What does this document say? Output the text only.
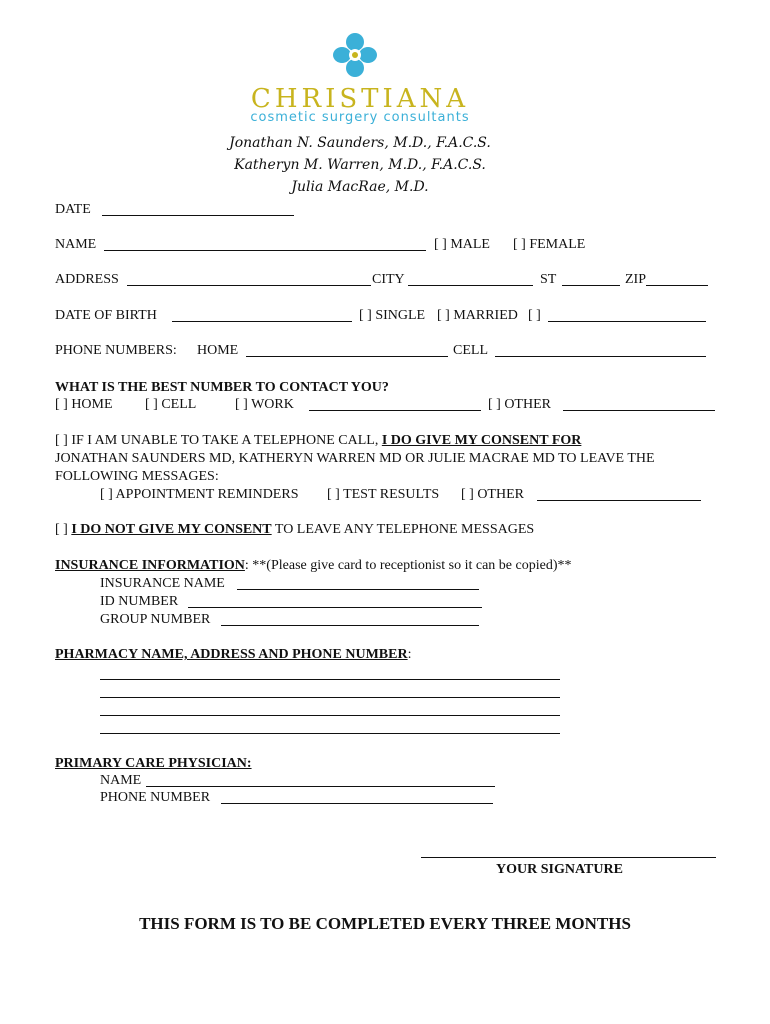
CHRISTIANA
cosmetic surgery consultants
Jonathan N. Saunders, M.D., F.A.C.S.
Katheryn M. Warren, M.D., F.A.C.S.
Julia MacRae, M.D.
DATE
NAME	[ ] MALE [ ] FEMALE
ADDRESS	CITY	ST	ZIP
DATE OF BIRTH	[ ] SINGLE [ ] MARRIED [ ]
PHONE NUMBERS: HOME	CELL
WHAT IS THE BEST NUMBER TO CONTACT YOU?
[ ] HOME [ ] CELL	[ ] WORK	[ ] OTHER
[ ] IF I AM UNABLE TO TAKE A TELEPHONE CALL, I DO GIVE MY CONSENT FOR
JONATHAN SAUNDERS MD, KATHERYN WARREN MD OR JULIE MACRAE MD TO LEAVE THE
FOLLOWING MESSAGES:
[ ] APPOINTMENT REMINDERS [ ] TEST RESULTS [ ] OTHER
[ ] I DO NOT GIVE MY CONSENT TO LEAVE ANY TELEPHONE MESSAGES
INSURANCE INFORMATION: **(Please give card to receptionist so it can be copied)**
INSURANCE NAME
ID NUMBER
GROUP NUMBER
PHARMACY NAME, ADDRESS AND PHONE NUMBER:
PRIMARY CARE PHYSICIAN:
NAME
PHONE NUMBER
YOUR SIGNATURE
THIS FORM IS TO BE COMPLETED EVERY THREE MONTHS
